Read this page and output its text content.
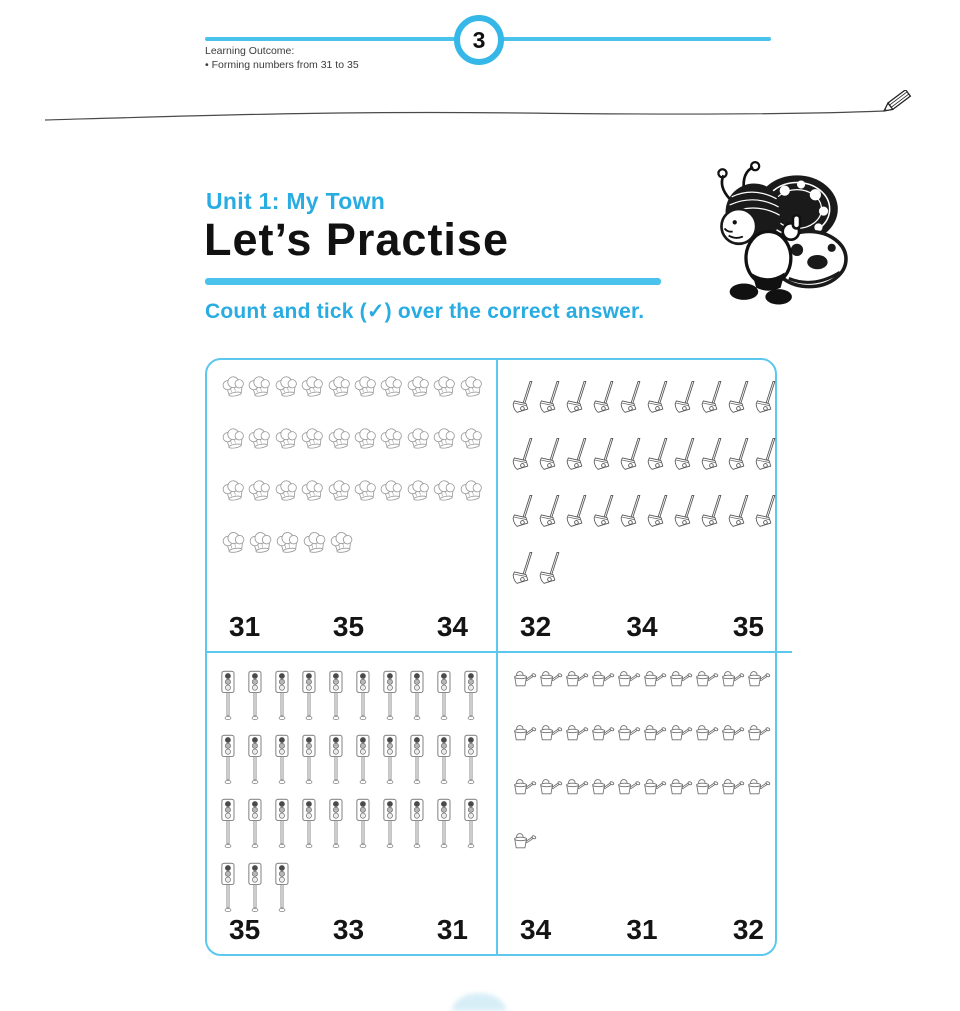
3
Learning Outcome:
• Forming numbers from 31 to 35
Unit 1: My Town
Let’s Practise
Count and tick (✓) over the correct answer.
31	35	34 32	34	35
35	33	31 34	31	32
